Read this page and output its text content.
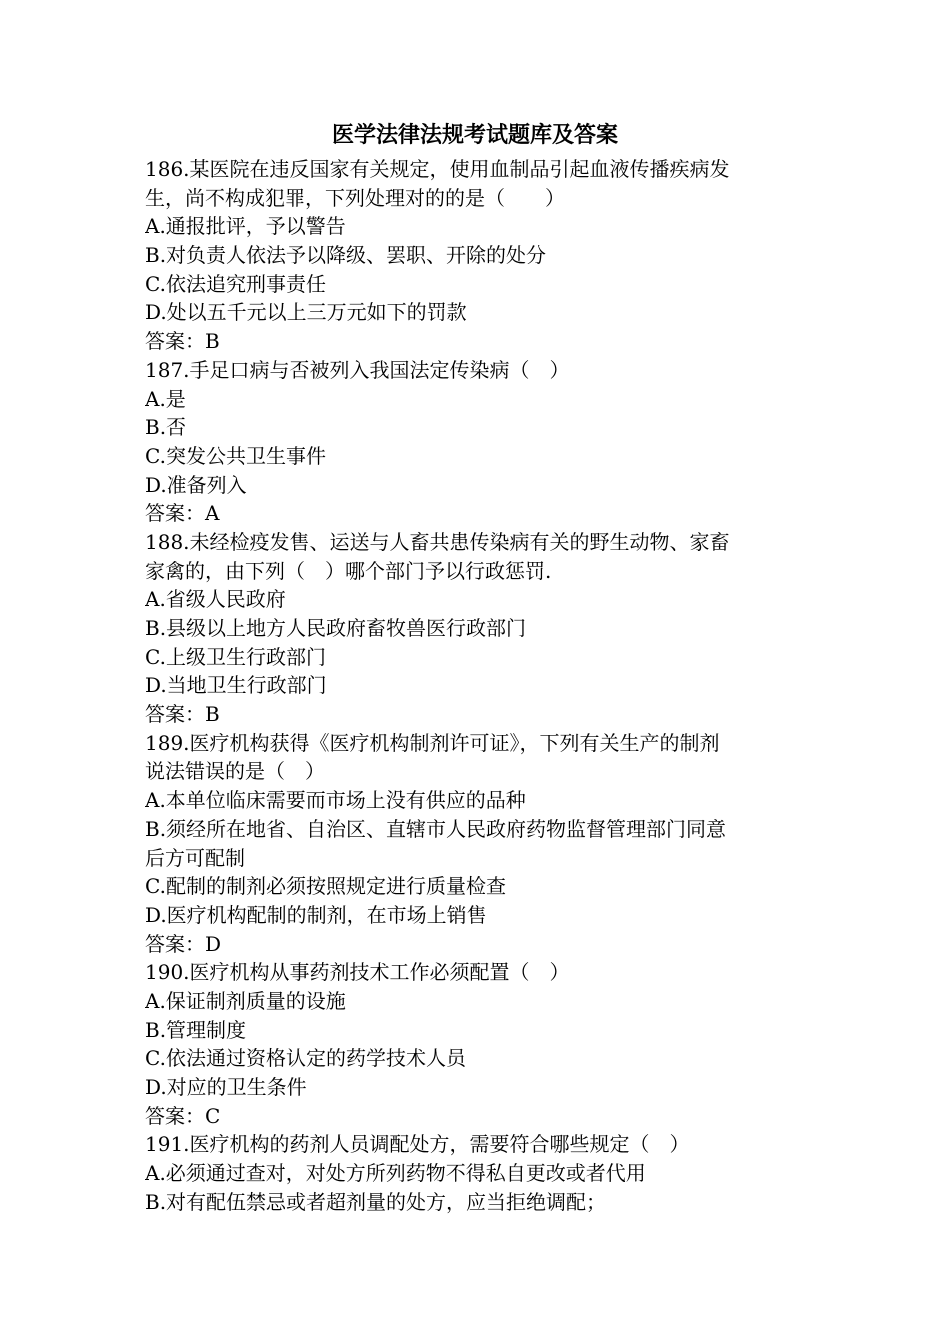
医学法律法规考试题库及答案
186.某医院在违反国家有关规定，使用血制品引起血液传播疾病发
生，尚不构成犯罪，下列处理对的的是（　　）
A.通报批评，予以警告
B.对负责人依法予以降级、罢职、开除的处分
C.依法追究刑事责任
D.处以五千元以上三万元如下的罚款
答案：B
187.手足口病与否被列入我国法定传染病（　）
A.是
B.否
C.突发公共卫生事件
D.准备列入
答案：A
188.未经检疫发售、运送与人畜共患传染病有关的野生动物、家畜
家禽的，由下列（　）哪个部门予以行政惩罚.
A.省级人民政府
B.县级以上地方人民政府畜牧兽医行政部门
C.上级卫生行政部门
D.当地卫生行政部门
答案：B
189.医疗机构获得《医疗机构制剂许可证》，下列有关生产的制剂
说法错误的是（　）
A.本单位临床需要而市场上没有供应的品种
B.须经所在地省、自治区、直辖市人民政府药物监督管理部门同意
后方可配制
C.配制的制剂必须按照规定进行质量检查
D.医疗机构配制的制剂，在市场上销售
答案：D
190.医疗机构从事药剂技术工作必须配置（　）
A.保证制剂质量的设施
B.管理制度
C.依法通过资格认定的药学技术人员
D.对应的卫生条件
答案：C
191.医疗机构的药剂人员调配处方，需要符合哪些规定（　）
A.必须通过查对，对处方所列药物不得私自更改或者代用
B.对有配伍禁忌或者超剂量的处方，应当拒绝调配；
